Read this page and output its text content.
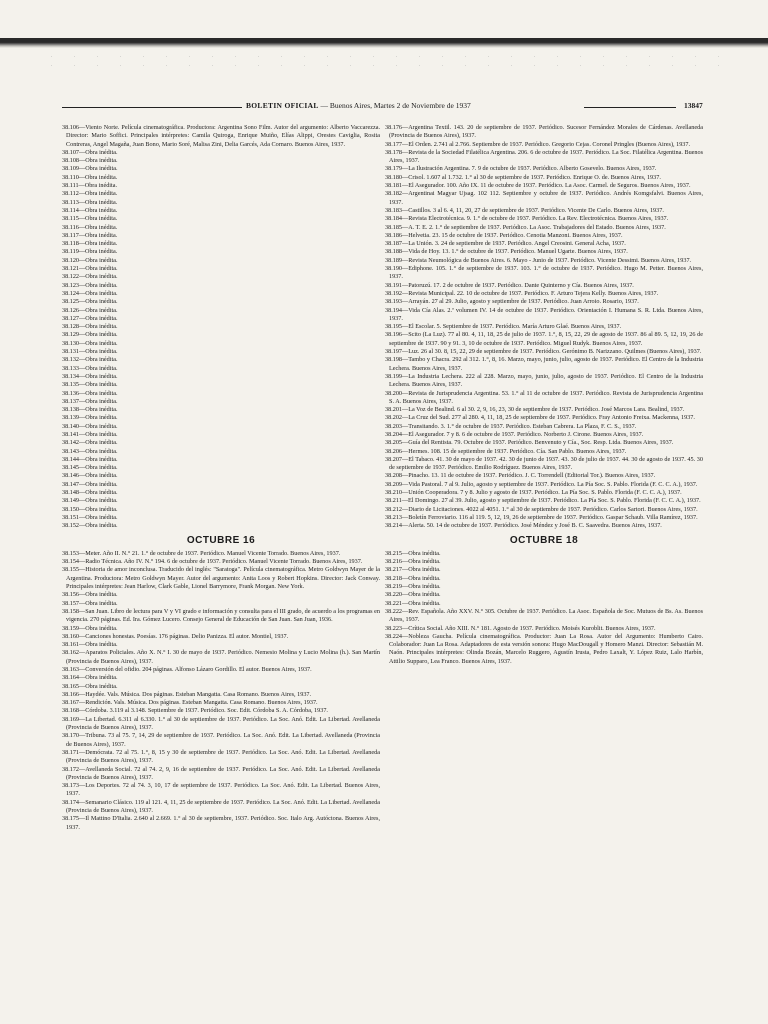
BOLETIN OFICIAL — Buenos Aires, Martes 2 de Noviembre de 1937	13847

38.106—Viento Norte. Película cinematográfica. Productora: Argentina Sono Film. Autor del argumento: Alberto Vaccarezza. Director: Mario Soffici. Principales intérpretes: Camila Quiroga, Enrique Muiño, Elías Alippi, Orestes Caviglia, Rosita Contreras, Angel Magaña, Juan Bono, Mario Soré, Malisa Zini, Delia Garcés, Ada Cornaro. Buenos Aires, 1937.

38.107—Obra inédita.

38.108—Obra inédita.

38.109—Obra inédita.

38.110—Obra inédita.

38.111—Obra inédita.

38.112—Obra inédita.

38.113—Obra inédita.

38.114—Obra inédita.

38.115—Obra inédita.

38.116—Obra inédita.

38.117—Obra inédita.

38.118—Obra inédita.

38.119—Obra inédita.

38.120—Obra inédita.

38.121—Obra inédita.

38.122—Obra inédita.

38.123—Obra inédita.

38.124—Obra inédita.

38.125—Obra inédita.

38.126—Obra inédita.

38.127—Obra inédita.

38.128—Obra inédita.

38.129—Obra inédita.

38.130—Obra inédita.

38.131—Obra inédita.

38.132—Obra inédita.

38.133—Obra inédita.

38.134—Obra inédita.

38.135—Obra inédita.

38.136—Obra inédita.

38.137—Obra inédita.

38.138—Obra inédita.

38.139—Obra inédita.

38.140—Obra inédita.

38.141—Obra inédita.

38.142—Obra inédita.

38.143—Obra inédita.

38.144—Obra inédita.

38.145—Obra inédita.

38.146—Obra inédita.

38.147—Obra inédita.

38.148—Obra inédita.

38.149—Obra inédita.

38.150—Obra inédita.

38.151—Obra inédita.

38.152—Obra inédita.

OCTUBRE 16

38.153—Meter. Año II. N.° 21. 1.° de octubre de 1937. Periódico. Manuel Vicente Torrado. Buenos Aires, 1937.

38.154—Radio Técnica. Año IV. N.° 194. 6 de octubre de 1937. Periódico. Manuel Vicente Torrado. Buenos Aires, 1937.

38.155—Historia de amor inconclusa. Traducido del inglés: "Saratoga". Película cinematográfica. Metro Goldwyn Mayer de la Argentina. Productora: Metro Goldwyn Mayer. Autor del argumento: Anita Loos y Robert Hopkins. Director: Jack Conway. Principales intérpretes: Jean Harlow, Clark Gable, Lionel Barrymore, Frank Morgan. New York.

38.156—Obra inédita.

38.157—Obra inédita.

38.158—San Juan. Libro de lectura para V y VI grado e información y consulta para el III grado, de acuerdo a los programas en vigencia. 270 páginas. Ed. Ira. Gómez Lucero. Consejo General de Educación de San Juan. San Juan, 1936.

38.159—Obra inédita.

38.160—Canciones honestas. Poesías. 176 páginas. Delio Panizza. El autor. Montiel, 1937.

38.161—Obra inédita.

38.162—Aparatos Policiales. Año X. N.° I. 30 de mayo de 1937. Periódico. Nemesio Molina y Lucio Molina (h.). San Martín (Provincia de Buenos Aires), 1937.

38.163—Conversión del ofidio. 204 páginas. Alfonso Lázaro Gordillo. El autor. Buenos Aires, 1937.

38.164—Obra inédita.

38.165—Obra inédita.

38.166—Haydée. Vals. Música. Dos páginas. Esteban Mangatta. Casa Romano. Buenos Aires, 1937.

38.167—Rendición. Vals. Música. Dos páginas. Esteban Mangatta. Casa Romano. Buenos Aires, 1937.

38.168—Córdoba. 3.119 al 3.148. Septiembre de 1937. Periódico. Soc. Edit. Córdoba S. A. Córdoba, 1937.

38.169—La Libertad. 6.311 al 6.330. 1.° al 30 de septiembre de 1937. Periódico. La Soc. Anó. Edit. La Libertad. Avellaneda (Provincia de Buenos Aires), 1937.

38.170—Tribuna. 73 al 75. 7, 14, 29 de septiembre de 1937. Periódico. La Soc. Anó. Edit. La Libertad. Avellaneda (Provincia de Buenos Aires), 1937.

38.171—Demócrata. 72 al 75. 1.°, 8, 15 y 30 de septiembre de 1937. Periódico. La Soc. Anó. Edit. La Libertad. Avellaneda (Provincia de Buenos Aires), 1937.

38.172—Avellaneda Social. 72 al 74. 2, 9, 16 de septiembre de 1937. Periódico. La Soc. Anó. Edit. La Libertad. Avellaneda (Provincia de Buenos Aires), 1937.

38.173—Los Deportes. 72 al 74. 3, 10, 17 de septiembre de 1937. Periódico. La Soc. Anó. Edit. La Libertad. Buenos Aires, 1937.

38.174—Semanario Clásico. 119 al 121. 4, 11, 25 de septiembre de 1937. Periódico. La Soc. Anó. Edit. La Libertad. Avellaneda (Provincia de Buenos Aires), 1937.

38.175—Il Mattino D'Italia. 2.640 al 2.669. 1.° al 30 de septiembre, 1937. Periódico. Soc. Italo Arg. Autóctona. Buenos Aires, 1937.

38.176—Argentina Textil. 143. 20 de septiembre de 1937. Periódico. Sucesor Fernández Morales de Cárdenas. Avellaneda (Provincia de Buenos Aires), 1937.

38.177—El Orden. 2.741 al 2.766. Septiembre de 1937. Periódico. Gregorio Cejas. Coronel Pringles (Buenos Aires), 1937.

38.178—Revista de la Sociedad Filatélica Argentina. 206. 6 de octubre de 1937. Periódico. La Soc. Filatélica Argentina. Buenos Aires, 1937.

38.179—La Ilustración Argentina. 7. 9 de octubre de 1937. Periódico. Alberto Gosevelo. Buenos Aires, 1937.

38.180—Crisol. 1.607 al 1.732. 1.° al 30 de septiembre de 1937. Periódico. Enrique O. de. Buenos Aires, 1937.

38.181—El Asegurador. 100. Año IX. 11 de octubre de 1937. Periódico. La Asoc. Carmel. de Seguros. Buenos Aires, 1937.

38.182—Argentinai Magyar Ujsag. 102 112. Septiembre y octubre de 1937. Periódico. Andrés Komgsfalvi. Buenos Aires, 1937.

38.183—Castillos. 3 al 6. 4, 11, 20, 27 de septiembre de 1937. Periódico. Vicente De Carlo. Buenos Aires, 1937.

38.184—Revista Electrotécnica. 9. 1.° de octubre de 1937. Periódico. La Rev. Electrotécnica. Buenos Aires, 1937.

38.185—A. T. E. 2. 1.° de septiembre de 1937. Periódico. La Asoc. Trabajadores del Estado. Buenos Aires, 1937.

38.186—Helvetia. 23. 15 de octubre de 1937. Periódico. Cenotia Manzoni. Buenos Aires, 1937.

38.187—La Unión. 3. 24 de septiembre de 1937. Periódico. Angel Creosini. General Acha, 1937.

38.188—Vida de Hoy. 13. 1.° de octubre de 1937. Periódico. Manuel Ugarte. Buenos Aires, 1937.

38.189—Revista Neumológica de Buenos Aires. 6. Mayo - Junio de 1937. Periódico. Vicente Dessimi. Buenos Aires, 1937.

38.190—Ediphone. 105. 1.° de septiembre de 1937. 103. 1.° de octubre de 1937. Periódico. Hugo M. Petter. Buenos Aires, 1937.

38.191—Patoruzú. 17. 2 de octubre de 1937. Periódico. Dante Quinterno y Cía. Buenos Aires, 1937.

38.192—Revista Municipal. 22. 10 de octubre de 1937. Periódico. F. Arturo Tejera Kelly. Buenos Aires, 1937.

38.193—Arrayán. 27 al 29. Julio, agosto y septiembre de 1937. Periódico. Juan Arroio. Rosario, 1937.

38.194—Vida Cía Alas. 2.ª volumen IV. 14 de octubre de 1937. Periódico. Orientación I. Humana S. R. Ltda. Buenos Aires, 1937.

38.195—El Escolar. 5. Septiembre de 1937. Periódico. María Arturo Glaé. Buenos Aires, 1937.

38.196—Scito (La Luz). 77 al 80. 4, 11, 18, 25 de julio de 1937. 1.°, 8, 15, 22, 29 de agosto de 1937. 86 al 89. 5, 12, 19, 26 de septiembre de 1937. 90 y 91. 3, 10 de octubre de 1937. Periódico. Miguel Rudyk. Buenos Aires, 1937.

38.197—Luz. 26 al 30. 8, 15, 22, 29 de septiembre de 1937. Periódico. Gerónimo B. Narizzano. Quilmes (Buenos Aires), 1937.

38.198—Tambo y Chacra. 292 al 312. 1.°, 8, 16. Marzo, mayo, junio, julio, agosto de 1937. Periódico. El Centro de la Industria Lechera. Buenos Aires, 1937.

38.199—La Industria Lechera. 222 al 228. Marzo, mayo, junio, julio, agosto de 1937. Periódico. El Centro de la Industria Lechera. Buenos Aires, 1937.

38.200—Revista de Jurisprudencia Argentina. 53. 1.° al 11 de octubre de 1937. Periódico. Revista de Jurisprudencia Argentina S. A. Buenos Aires, 1937.

38.201—La Voz de Bealind. 6 al 30. 2, 9, 16, 23, 30 de septiembre de 1937. Periódico. José Marcos Lara. Bealind, 1937.

38.202—La Cruz del Sud. 277 al 280. 4, 11, 18, 25 de septiembre de 1937. Periódico. Fray Antonio Freixa. Mackenna, 1937.

38.203—Transitando. 3. 1.° de octubre de 1937. Periódico. Esteban Cabrera. La Plaza, F. C. S., 1937.

38.204—El Asegurador. 7 y 8. 6 de octubre de 1937. Periódico. Norberto J. Cirone. Buenos Aires, 1937.

38.205—Guía del Rentista. 79. Octubre de 1937. Periódico. Benvenuto y Cía., Soc. Resp. Ltda. Buenos Aires, 1937.

38.206—Hermes. 108. 15 de septiembre de 1937. Periódico. Cía. San Pablo. Buenos Aires, 1937.

38.207—El Tabaco. 41. 30 de mayo de 1937. 42. 30 de junio de 1937. 43. 30 de julio de 1937. 44. 30 de agosto de 1937. 45. 30 de septiembre de 1937. Periódico. Emilio Rodríguez. Buenos Aires, 1937.

38.208—Pinacho. 13. 11 de octubre de 1937. Periódico. J. C. Torrendell (Editorial Tor.). Buenos Aires, 1937.

38.209—Vida Pastoral. 7 al 9. Julio, agosto y septiembre de 1937. Periódico. La Pía Soc. S. Pablo. Florida (F. C. C. A.), 1937.

38.210—Unión Cooperadora. 7 y 8. Julio y agosto de 1937. Periódico. La Pía Soc. S. Pablo. Florida (F. C. C. A.), 1937.

38.211—El Domingo. 27 al 39. Julio, agosto y septiembre de 1937. Periódico. La Pía Soc. S. Pablo. Florida (F. C. C. A.), 1937.

38.212—Diario de Licitaciones. 4022 al 4051. 1.° al 30 de septiembre de 1937. Periódico. Carlos Sartori. Buenos Aires, 1937.

38.213—Boletín Ferroviario. 116 al 119. 5, 12, 19, 26 de septiembre de 1937. Periódico. Gaspar Schaub. Villa Ramírez, 1937.

38.214—Alerta. 50. 14 de octubre de 1937. Periódico. José Méndez y José B. C. Saavedra. Buenos Aires, 1937.

OCTUBRE 18

38.215—Obra inédita.

38.216—Obra inédita.

38.217—Obra inédita.

38.218—Obra inédita.

38.219—Obra inédita.

38.220—Obra inédita.

38.221—Obra inédita.

38.222—Rev. Española. Año XXV. N.° 305. Octubre de 1937. Periódico. La Asoc. Española de Soc. Mutuos de Bs. As. Buenos Aires, 1937.

38.223—Crítica Social. Año XIII. N.° 181. Agosto de 1937. Periódico. Moisés Kuroblit. Buenos Aires, 1937.

38.224—Nobleza Gaucha. Película cinematográfica. Productor: Juan La Rosa. Autor del Argumento: Humberto Cairo. Colaborador: Juan La Rosa. Adaptadores de esta versión sonora: Hugo MacDougall y Homero Manzi. Director: Sebastián M. Naón. Principales intérpretes: Olinda Bozán, Marcelo Ruggero, Agustín Irusta, Pedro Laxalt, Y. López Ruiz, Lalo Harbín, Attilio Supparo, Lea Franco. Buenos Aires, 1937.
